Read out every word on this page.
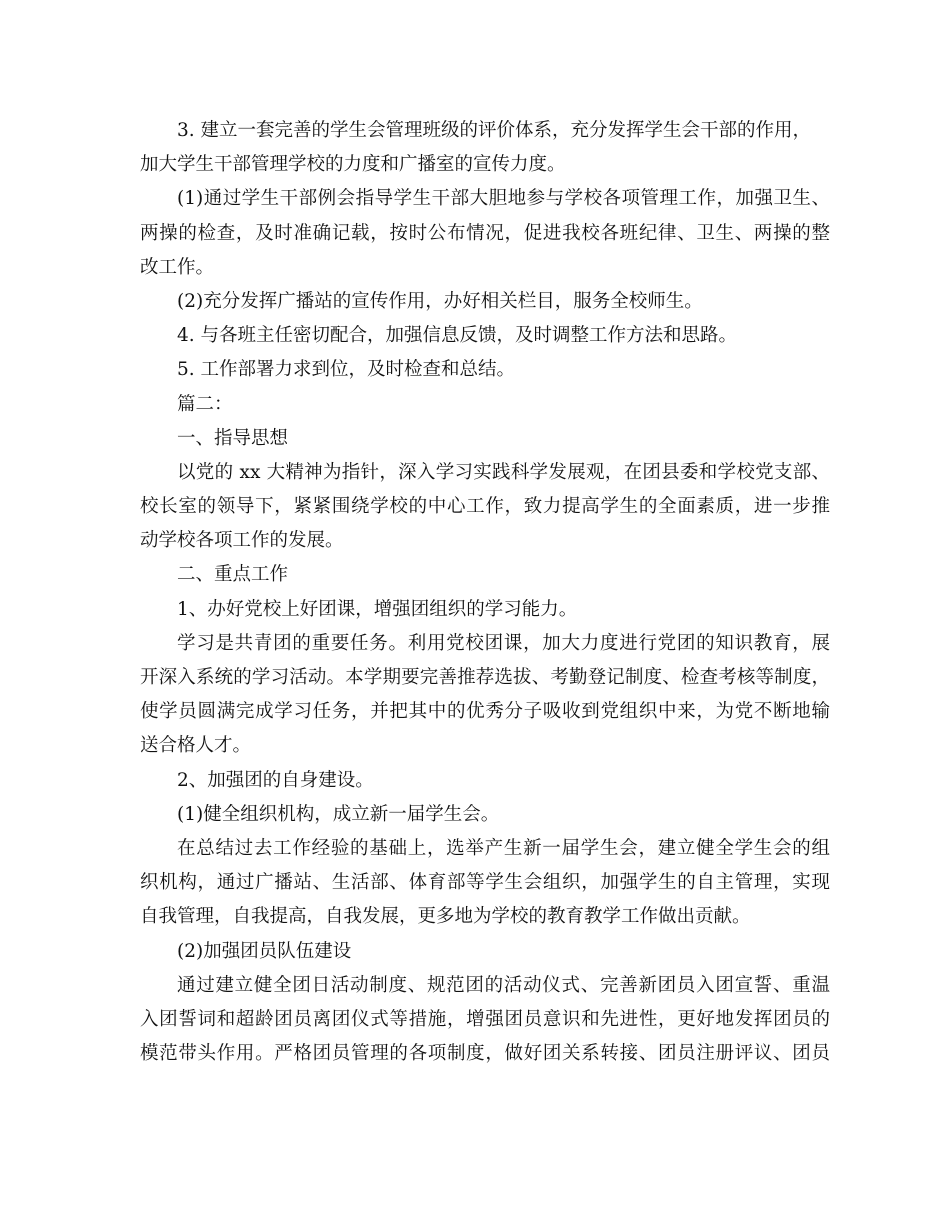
3. 建立一套完善的学生会管理班级的评价体系，充分发挥学生会干部的作用，

加大学生干部管理学校的力度和广播室的宣传力度。

(1)通过学生干部例会指导学生干部大胆地参与学校各项管理工作，加强卫生、

两操的检查，及时准确记载，按时公布情况，促进我校各班纪律、卫生、两操的整

改工作。

(2)充分发挥广播站的宣传作用，办好相关栏目，服务全校师生。

4. 与各班主任密切配合，加强信息反馈，及时调整工作方法和思路。

5. 工作部署力求到位，及时检查和总结。

篇二：

一、指导思想

以党的 xx 大精神为指针，深入学习实践科学发展观，在团县委和学校党支部、

校长室的领导下，紧紧围绕学校的中心工作，致力提高学生的全面素质，进一步推

动学校各项工作的发展。

二、重点工作

1、办好党校上好团课，增强团组织的学习能力。

学习是共青团的重要任务。利用党校团课，加大力度进行党团的知识教育，展

开深入系统的学习活动。本学期要完善推荐选拔、考勤登记制度、检查考核等制度，

使学员圆满完成学习任务，并把其中的优秀分子吸收到党组织中来，为党不断地输

送合格人才。

2、加强团的自身建设。

(1)健全组织机构，成立新一届学生会。

在总结过去工作经验的基础上，选举产生新一届学生会，建立健全学生会的组

织机构，通过广播站、生活部、体育部等学生会组织，加强学生的自主管理，实现

自我管理，自我提高，自我发展，更多地为学校的教育教学工作做出贡献。

(2)加强团员队伍建设

通过建立健全团日活动制度、规范团的活动仪式、完善新团员入团宣誓、重温

入团誓词和超龄团员离团仪式等措施，增强团员意识和先进性，更好地发挥团员的

模范带头作用。严格团员管理的各项制度，做好团关系转接、团员注册评议、团员
